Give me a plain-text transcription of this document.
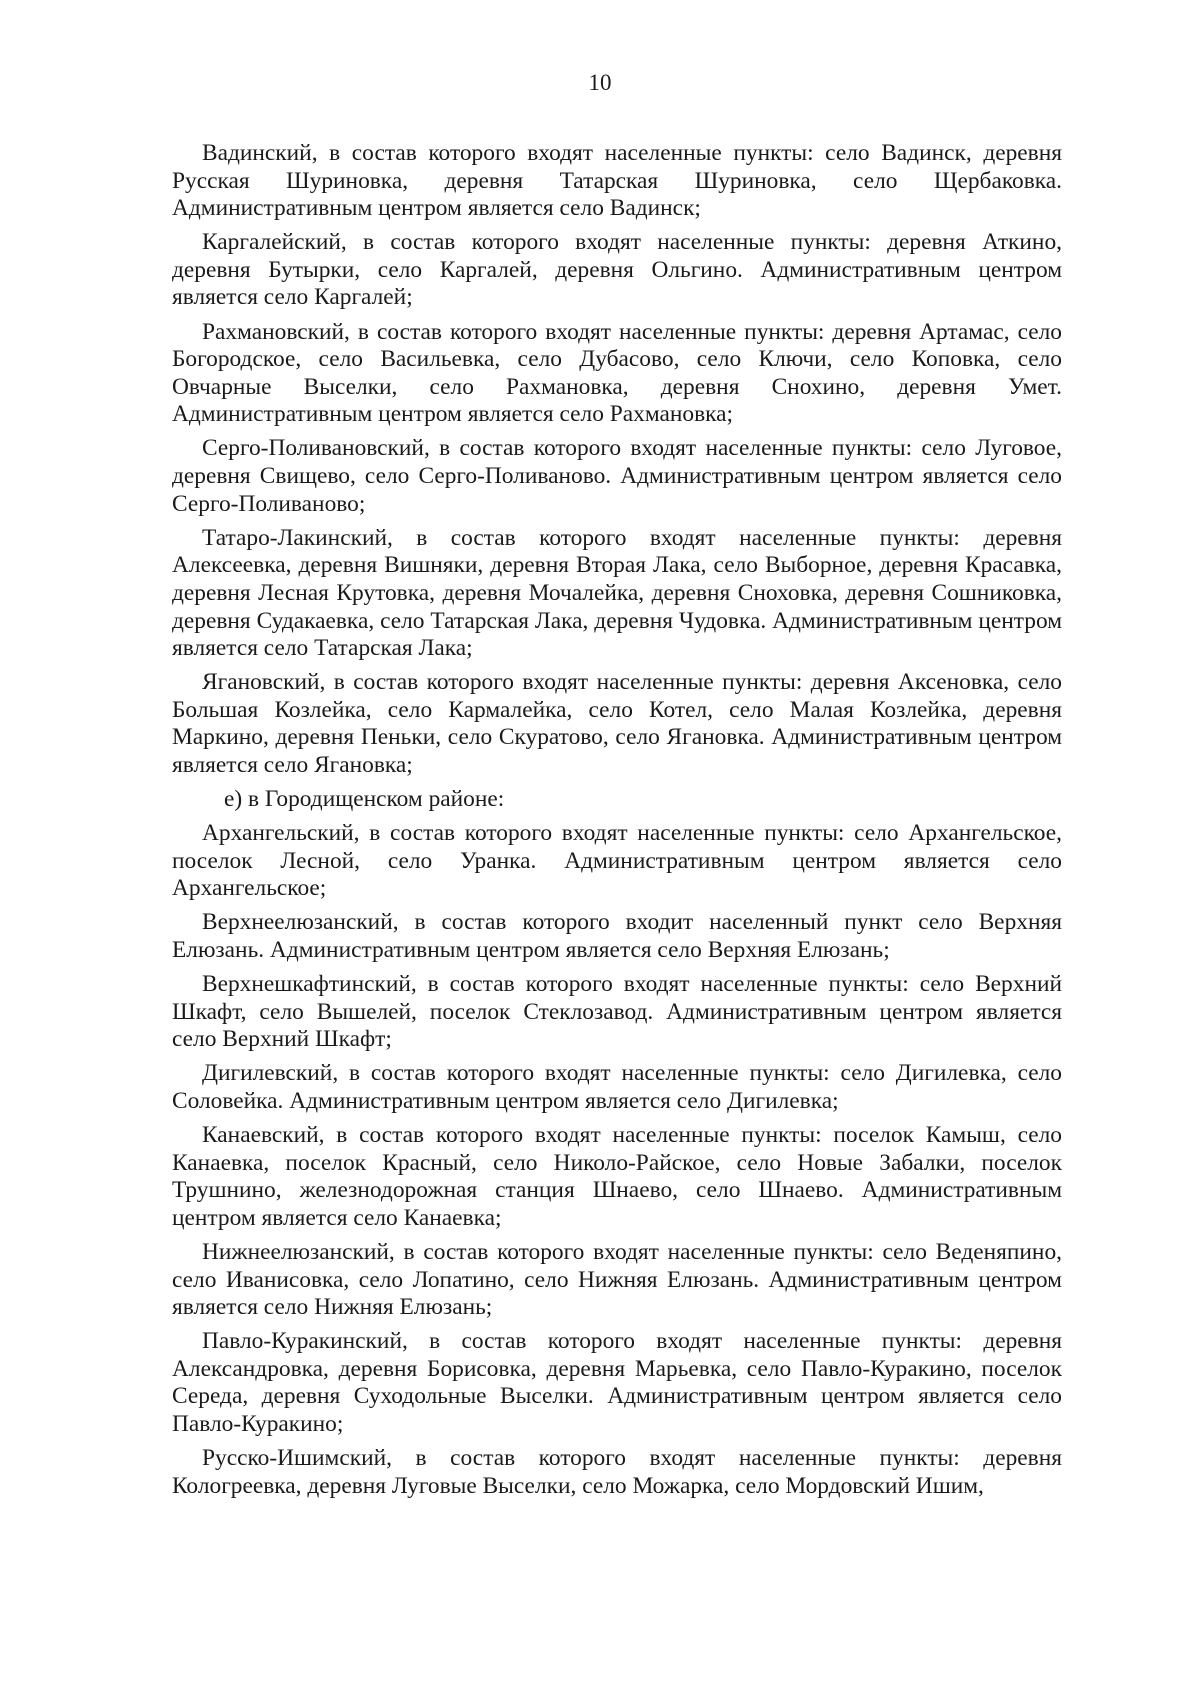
10

Вадинский, в состав которого входят населенные пункты: село Вадинск, деревня Русская Шуриновка, деревня Татарская Шуриновка, село Щербаковка. Административным центром является село Вадинск;

Каргалейский, в состав которого входят населенные пункты: деревня Аткино, деревня Бутырки, село Каргалей, деревня Ольгино. Административным центром является село Каргалей;

Рахмановский, в состав которого входят населенные пункты: деревня Артамас, село Богородское, село Васильевка, село Дубасово, село Ключи, село Коповка, село Овчарные Выселки, село Рахмановка, деревня Снохино, деревня Умет. Административным центром является село Рахмановка;

Серго-Поливановский, в состав которого входят населенные пункты: село Луговое, деревня Свищево, село Серго-Поливаново. Административным центром является село Серго-Поливаново;

Татаро-Лакинский, в состав которого входят населенные пункты: деревня Алексеевка, деревня Вишняки, деревня Вторая Лака, село Выборное, деревня Красавка, деревня Лесная Крутовка, деревня Мочалейка, деревня Сноховка, деревня Сошниковка, деревня Судакаевка, село Татарская Лака, деревня Чудовка. Административным центром является село Татарская Лака;

Ягановский, в состав которого входят населенные пункты: деревня Аксеновка, село Большая Козлейка, село Кармалейка, село Котел, село Малая Козлейка, деревня Маркино, деревня Пеньки, село Скуратово, село Ягановка. Административным центром является село Ягановка;

е) в Городищенском районе:

Архангельский, в состав которого входят населенные пункты: село Архангельское, поселок Лесной, село Уранка. Административным центром является село Архангельское;

Верхнеелюзанский, в состав которого входит населенный пункт село Верхняя Елюзань. Административным центром является село Верхняя Елюзань;

Верхнешкафтинский, в состав которого входят населенные пункты: село Верхний Шкафт, село Вышелей, поселок Стеклозавод. Административным центром является село Верхний Шкафт;

Дигилевский, в состав которого входят населенные пункты: село Дигилевка, село Соловейка. Административным центром является село Дигилевка;

Канаевский, в состав которого входят населенные пункты: поселок Камыш, село Канаевка, поселок Красный, село Николо-Райское, село Новые Забалки, поселок Трушнино, железнодорожная станция Шнаево, село Шнаево. Административным центром является село Канаевка;

Нижнеелюзанский, в состав которого входят населенные пункты: село Веденяпино, село Иванисовка, село Лопатино, село Нижняя Елюзань. Административным центром является село Нижняя Елюзань;

Павло-Куракинский, в состав которого входят населенные пункты: деревня Александровка, деревня Борисовка, деревня Марьевка, село Павло-Куракино, поселок Середа, деревня Суходольные Выселки. Административным центром является село Павло-Куракино;

Русско-Ишимский, в состав которого входят населенные пункты: деревня Кологреевка, деревня Луговые Выселки, село Можарка, село Мордовский Ишим,
